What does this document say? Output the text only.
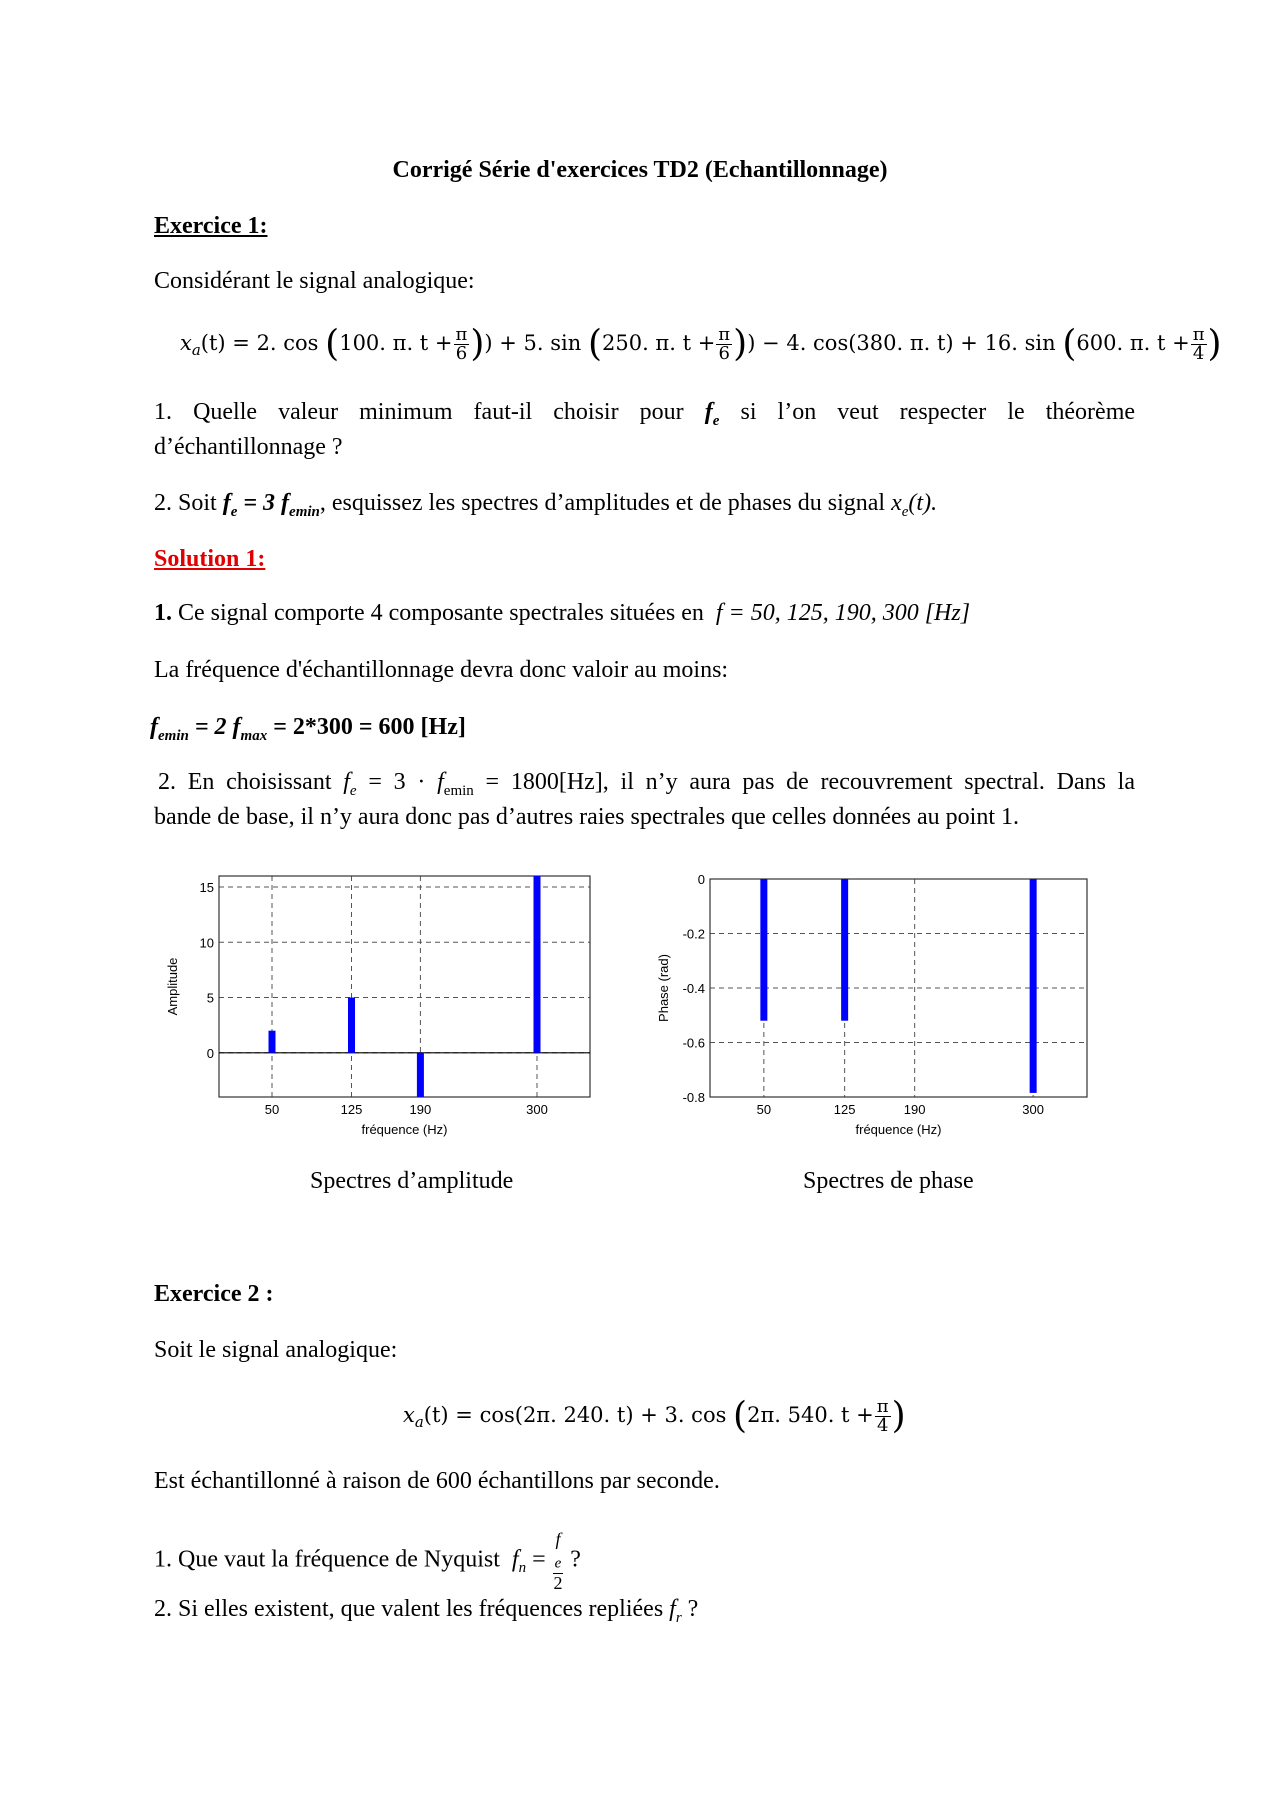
Corrigé Série d'exercices TD2 (Echantillonnage)
Exercice 1:
Considérant le signal analogique:
$x_a(t) = 2$. cos (100. π. $t + \frac{\pi}{6}$ )) + 5. sin (250. π. $t + \frac{\pi}{6}$ )) − 4. cos(380. π. t) + 16. sin (600. π. $t + \frac{\pi}{4}$ )
1. Quelle valeur minimum faut-il choisir pour $f_e$ si l’on veut respecter le théorème
d’échantillonnage ?
2. Soit $f_e = 3$ $f_{emin}$, esquissez les spectres d’amplitudes et de phases du signal $x_e(t)$.
Solution 1:
1. Ce signal comporte 4 composante spectrales situées en f = 50, 125, 190, 300 [Hz]
La fréquence d'échantillonnage devra donc valoir au moins:
$f_{emin} = 2$ $f_{max} = 2*300 = 600$ [Hz]
2. En choisissant $f_e = 3 \cdot f_{emin} = 1800[Hz]$, il n’y aura pas de recouvrement spectral. Dans la
bande de base, il n’y aura donc pas d’autres raies spectrales que celles données au point 1.
50	125	190	300
0
5
10
15
fréquence (Hz)
Amplitude
50	125	190	300
0
-0.2
-0.4
-0.6
-0.8
fréquence (Hz)
Phase (rad)
Spectres d’amplitude	Spectres de phase
Exercice 2 :
Soit le signal analogique:
$x_a(t) = \cos(2\pi$. 240. t) + 3. cos (2π. 540. $t + \frac{\pi}{4}$ )
Est échantillonné à raison de 600 échantillons par seconde.
1. Que vaut la fréquence de Nyquist $f_n = f$
$_e$
2 ?
2. Si elles existent, que valent les fréquences repliées $f_r$ ?
